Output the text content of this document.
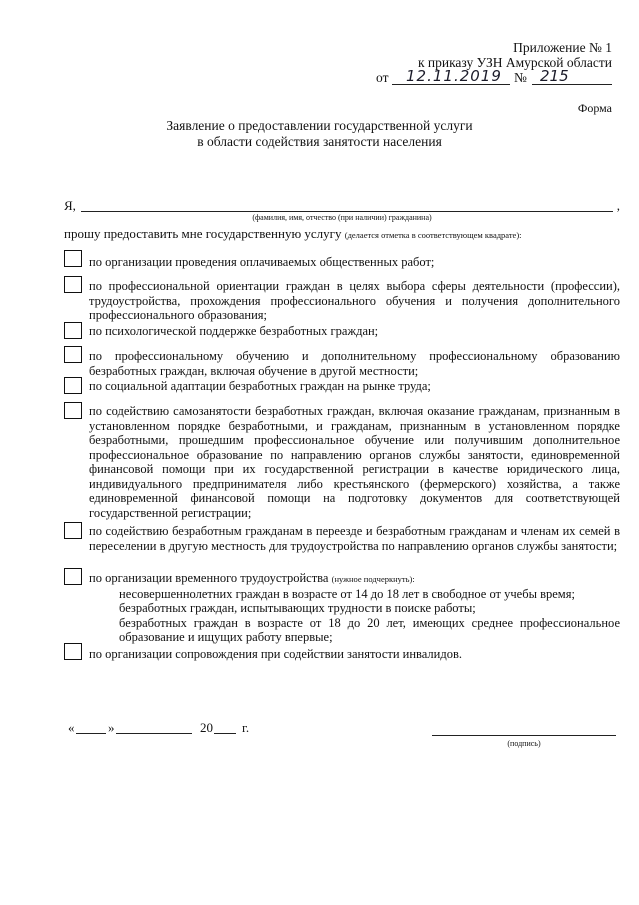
Приложение № 1
к приказу УЗН Амурской области
от 12.11.2019 № 215
Форма
Заявление о предоставлении государственной услуги
в области содействия занятости населения
Я,	,
(фамилия, имя, отчество (при наличии) гражданина)
прошу предоставить мне государственную услугу (делается отметка в соответствующем квадрате):
по организации проведения оплачиваемых общественных работ;
по профессиональной ориентации граждан в целях выбора сферы деятельности (профессии), трудоустройства, прохождения профессионального обучения и получения дополнительного профессионального образования;
по психологической поддержке безработных граждан;
по профессиональному обучению и дополнительному профессиональному образованию безработных граждан, включая обучение в другой местности;
по социальной адаптации безработных граждан на рынке труда;
по содействию самозанятости безработных граждан, включая оказание гражданам, признанным в установленном порядке безработными, и гражданам, признанным в установленном порядке безработными, прошедшим профессиональное обучение или получившим дополнительное профессиональное образование по направлению органов службы занятости, единовременной финансовой помощи при их государственной регистрации в качестве юридического лица, индивидуального предпринимателя либо крестьянского (фермерского) хозяйства, а также единовременной финансовой помощи на подготовку документов для соответствующей государственной регистрации;
по содействию безработным гражданам в переезде и безработным гражданам и членам их семей в переселении в другую местность для трудоустройства по направлению органов службы занятости;
по организации временного трудоустройства (нужное подчеркнуть):
несовершеннолетних граждан в возрасте от 14 до 18 лет в свободное от учебы время;
безработных граждан, испытывающих трудности в поиске работы;
безработных граждан в возрасте от 18 до 20 лет, имеющих среднее профессиональное образование и ищущих работу впервые;
по организации сопровождения при содействии занятости инвалидов.
«	»	20 г.
(подпись)
